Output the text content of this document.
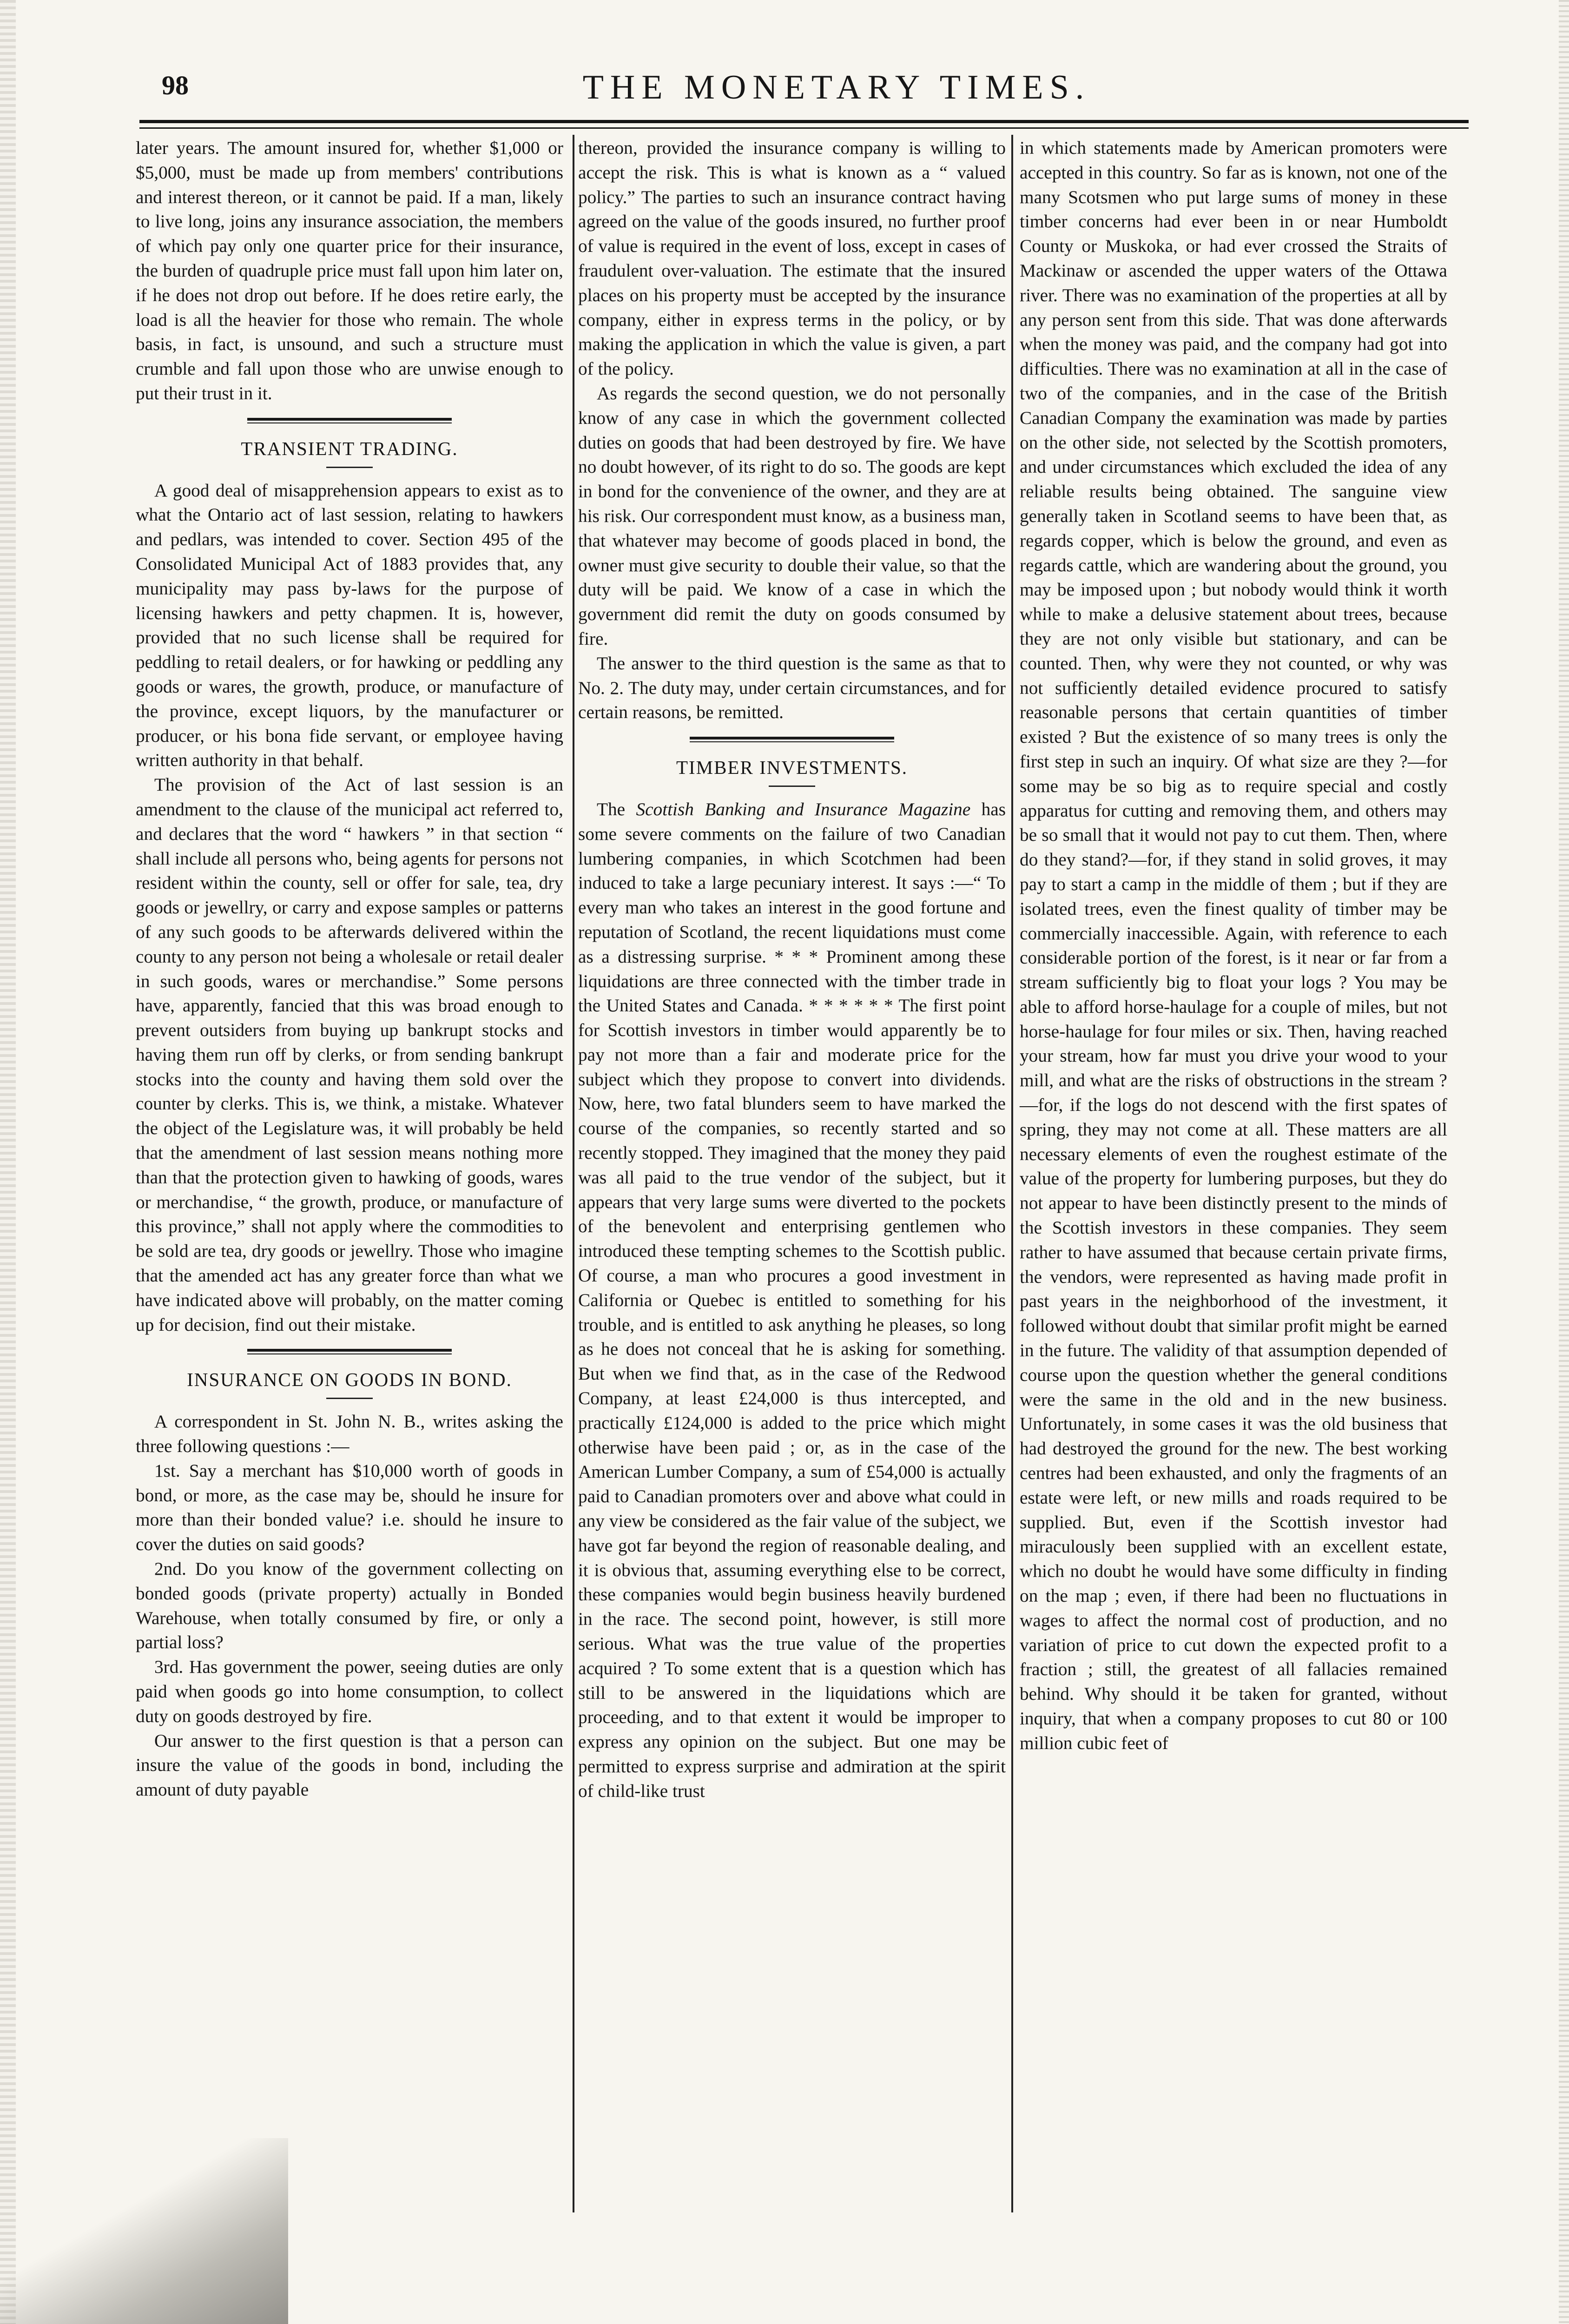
98	THE MONETARY TIMES.

later years. The amount insured for, whether $1,000 or $5,000, must be made up from members' contributions and interest thereon, or it cannot be paid. If a man, likely to live long, joins any insurance association, the members of which pay only one quarter price for their insurance, the burden of quadruple price must fall upon him later on, if he does not drop out before. If he does retire early, the load is all the heavier for those who remain. The whole basis, in fact, is unsound, and such a structure must crumble and fall upon those who are unwise enough to put their trust in it.

TRANSIENT TRADING.

A good deal of misapprehension appears to exist as to what the Ontario act of last session, relating to hawkers and pedlars, was intended to cover. Section 495 of the Consolidated Municipal Act of 1883 provides that, any municipality may pass by-laws for the purpose of licensing hawkers and petty chapmen. It is, however, provided that no such license shall be required for peddling to retail dealers, or for hawking or peddling any goods or wares, the growth, produce, or manufacture of the province, except liquors, by the manufacturer or producer, or his bona fide servant, or employee having written authority in that behalf.

The provision of the Act of last session is an amendment to the clause of the municipal act referred to, and declares that the word “ hawkers ” in that section “ shall include all persons who, being agents for persons not resident within the county, sell or offer for sale, tea, dry goods or jewellry, or carry and expose samples or patterns of any such goods to be afterwards delivered within the county to any person not being a wholesale or retail dealer in such goods, wares or merchandise.” Some persons have, apparently, fancied that this was broad enough to prevent outsiders from buying up bankrupt stocks and having them run off by clerks, or from sending bankrupt stocks into the county and having them sold over the counter by clerks. This is, we think, a mistake. Whatever the object of the Legislature was, it will probably be held that the amendment of last session means nothing more than that the protection given to hawking of goods, wares or merchandise, “ the growth, produce, or manufacture of this province,” shall not apply where the commodities to be sold are tea, dry goods or jewellry. Those who imagine that the amended act has any greater force than what we have indicated above will probably, on the matter coming up for decision, find out their mistake.

INSURANCE ON GOODS IN BOND.

A correspondent in St. John N. B., writes asking the three following questions :—

1st. Say a merchant has $10,000 worth of goods in bond, or more, as the case may be, should he insure for more than their bonded value? i.e. should he insure to cover the duties on said goods?

2nd. Do you know of the government collecting on bonded goods (private property) actually in Bonded Warehouse, when totally consumed by fire, or only a partial loss?

3rd. Has government the power, seeing duties are only paid when goods go into home consumption, to collect duty on goods destroyed by fire.

Our answer to the first question is that a person can insure the value of the goods in bond, including the amount of duty payable

thereon, provided the insurance company is willing to accept the risk. This is what is known as a “ valued policy.” The parties to such an insurance contract having agreed on the value of the goods insured, no further proof of value is required in the event of loss, except in cases of fraudulent over-valuation. The estimate that the insured places on his property must be accepted by the insurance company, either in express terms in the policy, or by making the application in which the value is given, a part of the policy.

As regards the second question, we do not personally know of any case in which the government collected duties on goods that had been destroyed by fire. We have no doubt however, of its right to do so. The goods are kept in bond for the convenience of the owner, and they are at his risk. Our correspondent must know, as a business man, that whatever may become of goods placed in bond, the owner must give security to double their value, so that the duty will be paid. We know of a case in which the government did remit the duty on goods consumed by fire.

The answer to the third question is the same as that to No. 2. The duty may, under certain circumstances, and for certain reasons, be remitted.

TIMBER INVESTMENTS.

The Scottish Banking and Insurance Magazine has some severe comments on the failure of two Canadian lumbering companies, in which Scotchmen had been induced to take a large pecuniary interest. It says :—“ To every man who takes an interest in the good fortune and reputation of Scotland, the recent liquidations must come as a distressing surprise. * * * Prominent among these liquidations are three connected with the timber trade in the United States and Canada. * * * * * * The first point for Scottish investors in timber would apparently be to pay not more than a fair and moderate price for the subject which they propose to convert into dividends. Now, here, two fatal blunders seem to have marked the course of the companies, so recently started and so recently stopped. They imagined that the money they paid was all paid to the true vendor of the subject, but it appears that very large sums were diverted to the pockets of the benevolent and enterprising gentlemen who introduced these tempting schemes to the Scottish public. Of course, a man who procures a good investment in California or Quebec is entitled to something for his trouble, and is entitled to ask anything he pleases, so long as he does not conceal that he is asking for something. But when we find that, as in the case of the Redwood Company, at least £24,000 is thus intercepted, and practically £124,000 is added to the price which might otherwise have been paid ; or, as in the case of the American Lumber Company, a sum of £54,000 is actually paid to Canadian promoters over and above what could in any view be considered as the fair value of the subject, we have got far beyond the region of reasonable dealing, and it is obvious that, assuming everything else to be correct, these companies would begin business heavily burdened in the race. The second point, however, is still more serious. What was the true value of the properties acquired ? To some extent that is a question which has still to be answered in the liquidations which are proceeding, and to that extent it would be improper to express any opinion on the subject. But one may be permitted to express surprise and admiration at the spirit of child-like trust

in which statements made by American promoters were accepted in this country. So far as is known, not one of the many Scotsmen who put large sums of money in these timber concerns had ever been in or near Humboldt County or Muskoka, or had ever crossed the Straits of Mackinaw or ascended the upper waters of the Ottawa river. There was no examination of the properties at all by any person sent from this side. That was done afterwards when the money was paid, and the company had got into difficulties. There was no examination at all in the case of two of the companies, and in the case of the British Canadian Company the examination was made by parties on the other side, not selected by the Scottish promoters, and under circumstances which excluded the idea of any reliable results being obtained. The sanguine view generally taken in Scotland seems to have been that, as regards copper, which is below the ground, and even as regards cattle, which are wandering about the ground, you may be imposed upon ; but nobody would think it worth while to make a delusive statement about trees, because they are not only visible but stationary, and can be counted. Then, why were they not counted, or why was not sufficiently detailed evidence procured to satisfy reasonable persons that certain quantities of timber existed ? But the existence of so many trees is only the first step in such an inquiry. Of what size are they ?—for some may be so big as to require special and costly apparatus for cutting and removing them, and others may be so small that it would not pay to cut them. Then, where do they stand?—for, if they stand in solid groves, it may pay to start a camp in the middle of them ; but if they are isolated trees, even the finest quality of timber may be commercially inaccessible. Again, with reference to each considerable portion of the forest, is it near or far from a stream sufficiently big to float your logs ? You may be able to afford horse-haulage for a couple of miles, but not horse-haulage for four miles or six. Then, having reached your stream, how far must you drive your wood to your mill, and what are the risks of obstructions in the stream ?—for, if the logs do not descend with the first spates of spring, they may not come at all. These matters are all necessary elements of even the roughest estimate of the value of the property for lumbering purposes, but they do not appear to have been distinctly present to the minds of the Scottish investors in these companies. They seem rather to have assumed that because certain private firms, the vendors, were represented as having made profit in past years in the neighborhood of the investment, it followed without doubt that similar profit might be earned in the future. The validity of that assumption depended of course upon the question whether the general conditions were the same in the old and in the new business. Unfortunately, in some cases it was the old business that had destroyed the ground for the new. The best working centres had been exhausted, and only the fragments of an estate were left, or new mills and roads required to be supplied. But, even if the Scottish investor had miraculously been supplied with an excellent estate, which no doubt he would have some difficulty in finding on the map ; even, if there had been no fluctuations in wages to affect the normal cost of production, and no variation of price to cut down the expected profit to a fraction ; still, the greatest of all fallacies remained behind. Why should it be taken for granted, without inquiry, that when a company proposes to cut 80 or 100 million cubic feet of
